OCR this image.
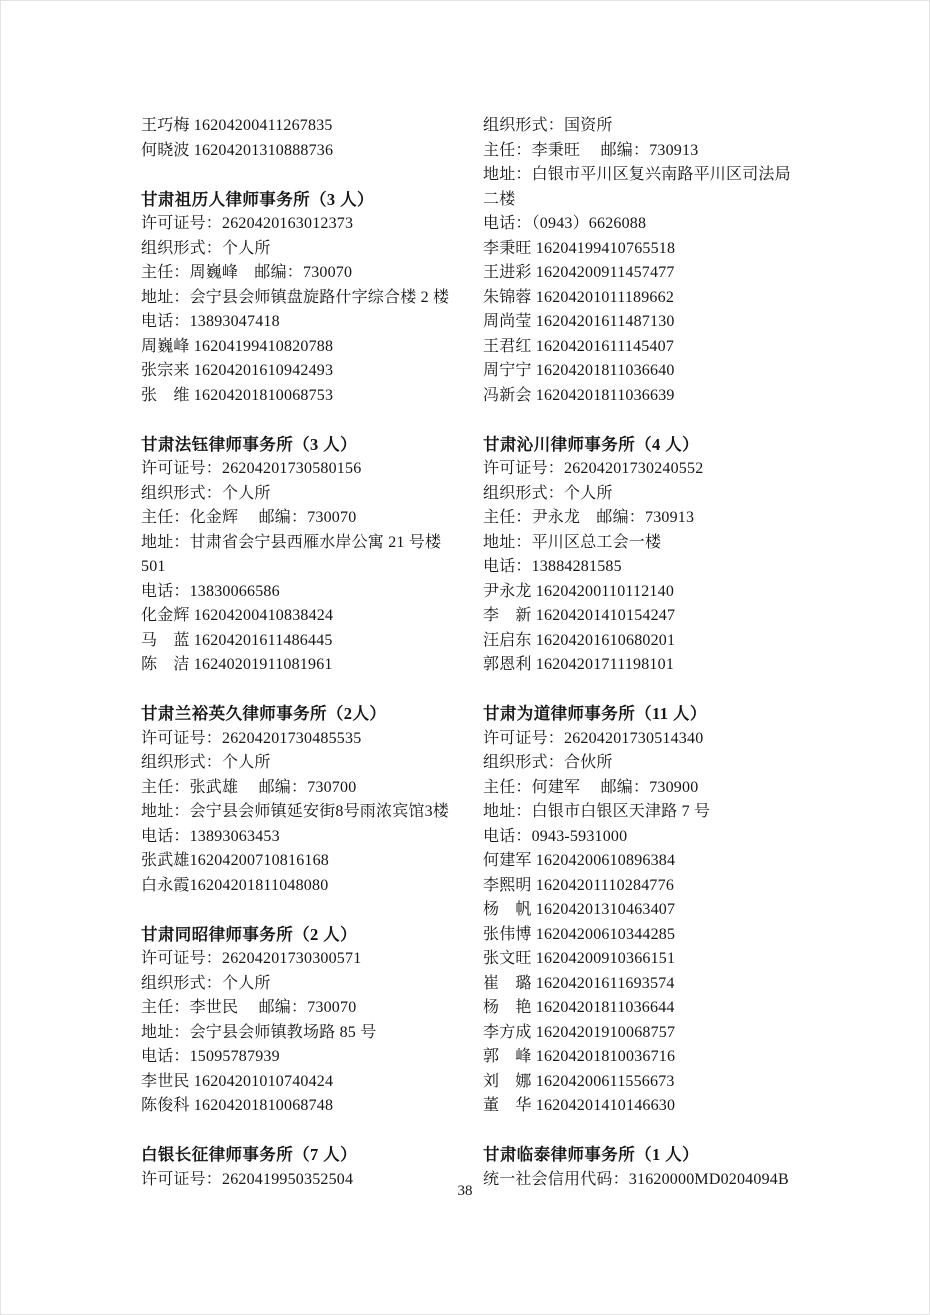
王巧梅 16204200411267835
何晓波 16204201310888736
甘肃祖历人律师事务所（3 人）
许可证号：2620420163012373
组织形式：个人所
主任：周巍峰　邮编：730070
地址：会宁县会师镇盘旋路什字综合楼 2 楼
电话：13893047418
周巍峰 16204199410820788
张宗来 16204201610942493
张　维 16204201810068753
甘肃法钰律师事务所（3 人）
许可证号：26204201730580156
组织形式：个人所
主任：化金辉　 邮编：730070
地址：甘肃省会宁县西雁水岸公寓 21 号楼
501
电话：13830066586
化金辉 16204200410838424
马　蓝 16204201611486445
陈　洁 16240201911081961
甘肃兰裕英久律师事务所（2人）
许可证号：26204201730485535
组织形式：个人所
主任：张武雄　 邮编：730700
地址：会宁县会师镇延安街8号雨浓宾馆3楼
电话：13893063453
张武雄16204200710816168
白永霞16204201811048080
甘肃同昭律师事务所（2 人）
许可证号：26204201730300571
组织形式：个人所
主任：李世民　 邮编：730070
地址：会宁县会师镇教场路 85 号
电话：15095787939
李世民 16204201010740424
陈俊科 16204201810068748
白银长征律师事务所（7 人）
许可证号：2620419950352504
组织形式：国资所
主任：李秉旺　 邮编：730913
地址：白银市平川区复兴南路平川区司法局
二楼
电话：（0943）6626088
李秉旺 16204199410765518
王进彩 16204200911457477
朱锦蓉 16204201011189662
周尚莹 16204201611487130
王君红 16204201611145407
周宁宁 16204201811036640
冯新会 16204201811036639
甘肃沁川律师事务所（4 人）
许可证号：26204201730240552
组织形式：个人所
主任：尹永龙　邮编：730913
地址：平川区总工会一楼
电话：13884281585
尹永龙 16204200110112140
李　新 16204201410154247
汪启东 16204201610680201
郭恩利 16204201711198101
甘肃为道律师事务所（11 人）
许可证号：26204201730514340
组织形式：合伙所
主任：何建军　 邮编：730900
地址：白银市白银区天津路 7 号
电话：0943-5931000
何建军 16204200610896384
李熙明 16204201110284776
杨　帆 16204201310463407
张伟博 16204200610344285
张文旺 16204200910366151
崔　璐 16204201611693574
杨　艳 16204201811036644
李方成 16204201910068757
郭　峰 16204201810036716
刘　娜 16204200611556673
董　华 16204201410146630
甘肃临泰律师事务所（1 人）
统一社会信用代码：31620000MD0204094B
38
